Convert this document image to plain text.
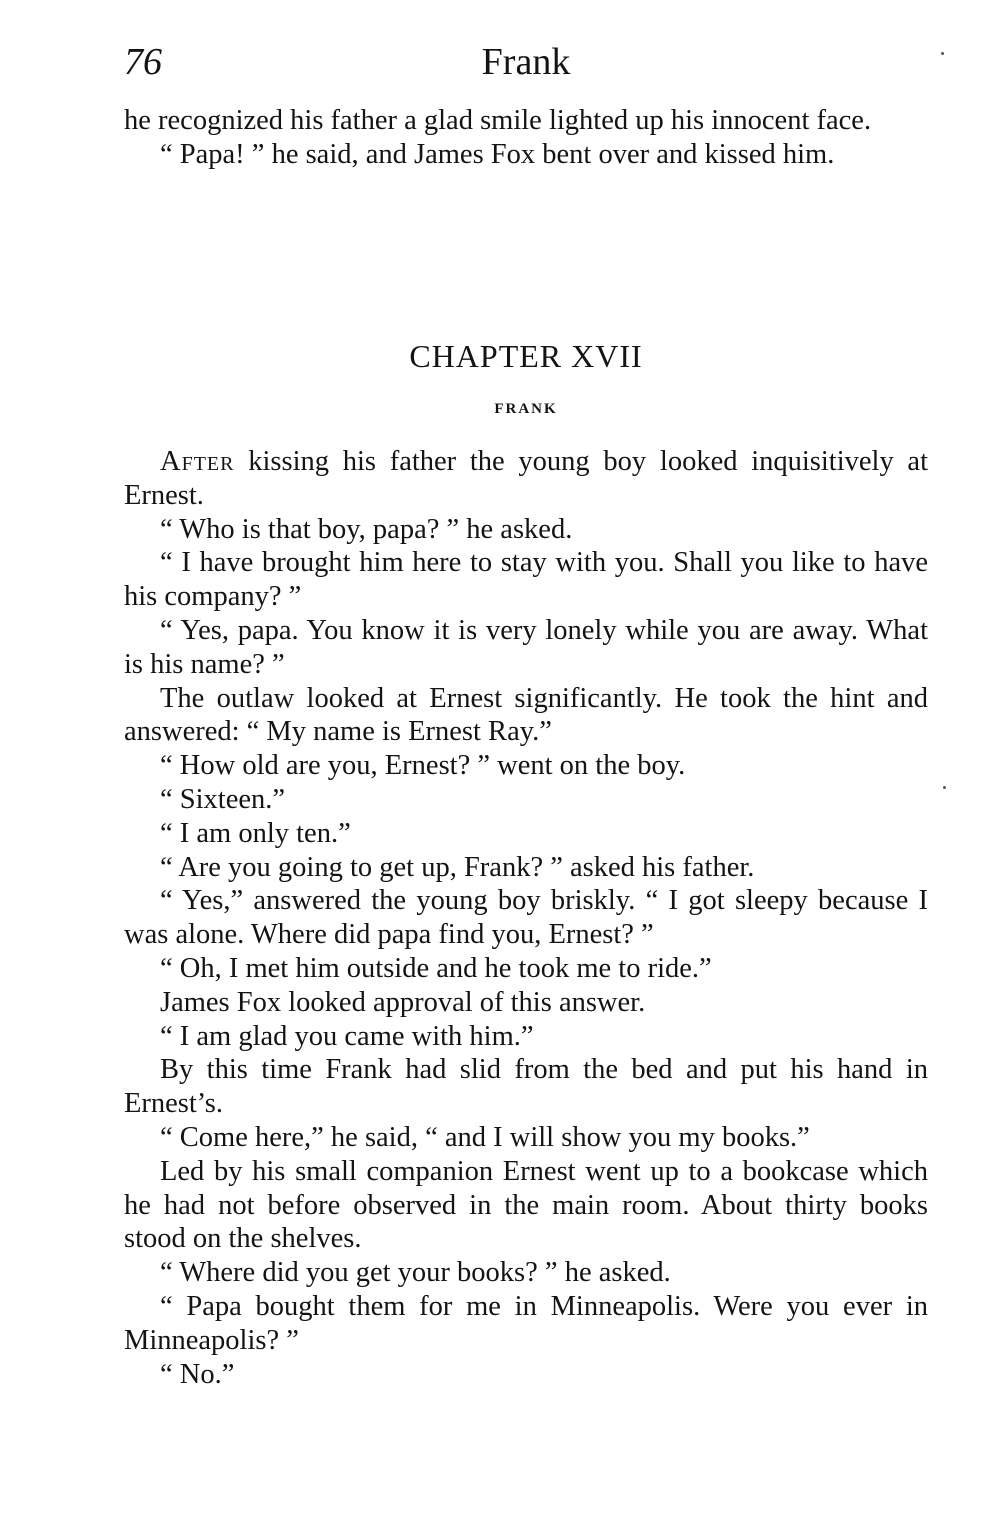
76	Frank

he recognized his father a glad smile lighted up his innocent face.

“ Papa! ” he said, and James Fox bent over and kissed him.

CHAPTER XVII
FRANK

After kissing his father the young boy looked inquisitively at Ernest.

“ Who is that boy, papa? ” he asked.

“ I have brought him here to stay with you. Shall you like to have his company? ”

“ Yes, papa. You know it is very lonely while you are away. What is his name? ”

The outlaw looked at Ernest significantly. He took the hint and answered: “ My name is Ernest Ray.”

“ How old are you, Ernest? ” went on the boy.

“ Sixteen.”

“ I am only ten.”

“ Are you going to get up, Frank? ” asked his father.

“ Yes,” answered the young boy briskly. “ I got sleepy because I was alone. Where did papa find you, Ernest? ”

“ Oh, I met him outside and he took me to ride.”

James Fox looked approval of this answer.

“ I am glad you came with him.”

By this time Frank had slid from the bed and put his hand in Ernest’s.

“ Come here,” he said, “ and I will show you my books.”

Led by his small companion Ernest went up to a bookcase which he had not before observed in the main room. About thirty books stood on the shelves.

“ Where did you get your books? ” he asked.

“ Papa bought them for me in Minneapolis. Were you ever in Minneapolis? ”

“ No.”
